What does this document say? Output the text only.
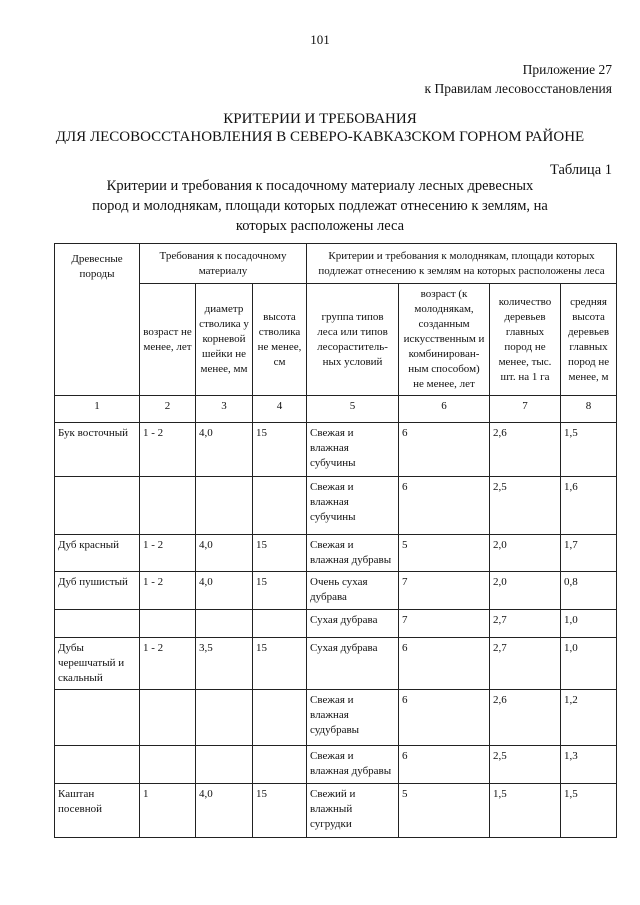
101
Приложение 27
к Правилам лесовосстановления
КРИТЕРИИ И ТРЕБОВАНИЯ
ДЛЯ ЛЕСОВОССТАНОВЛЕНИЯ В СЕВЕРО-КАВКАЗСКОМ ГОРНОМ РАЙОНЕ
Таблица 1
Критерии и требования к посадочному материалу лесных древесных пород и молоднякам, площади которых подлежат отнесению к землям, на которых расположены леса
Древесные породы	Требования к посадочному материалу			Критерии и требования к молоднякам, площади которых подлежат отнесению к землям на которых расположены леса			
	возраст не менее, лет	диаметр стволика у корневой шейки не менее, мм	высота стволика не менее, см	группа типов леса или типов лесораститель-ных условий	возраст (к молоднякам, созданным искусственным и комбинирован-ным способом) не менее, лет	количество деревьев главных пород не менее, тыс. шт. на 1 га	средняя высота деревьев главных пород не менее, м
1	2	3	4	5	6	7	8
Бук восточный	1 - 2	4,0	15	Свежая и влажная субучины	6	2,6	1,5
				Свежая и влажная субучины	6	2,5	1,6
Дуб красный	1 - 2	4,0	15	Свежая и влажная дубравы	5	2,0	1,7
Дуб пушистый	1 - 2	4,0	15	Очень сухая дубрава	7	2,0	0,8
				Сухая дубрава	7	2,7	1,0
Дубы черешчатый и скальный	1 - 2	3,5	15	Сухая дубрава	6	2,7	1,0
				Свежая и влажная судубравы	6	2,6	1,2
				Свежая и влажная дубравы	6	2,5	1,3
Каштан посевной	1	4,0	15	Свежий и влажный сугрудки	5	1,5	1,5
